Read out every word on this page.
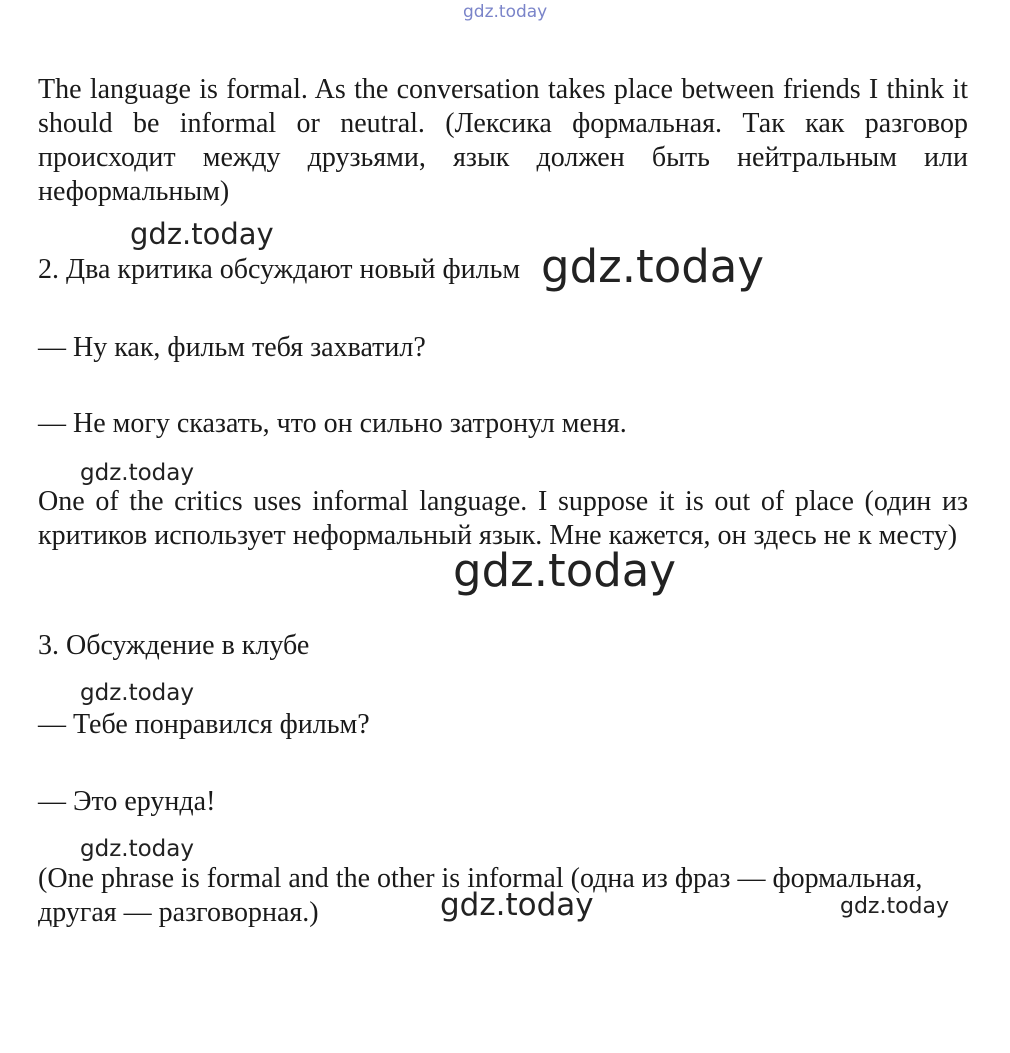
gdz.today

The language is formal. As the conversation takes place between friends I think it should be informal or neutral. (Лексика формальная. Так как разговор происходит между друзьями, язык должен быть нейтральным или неформальным)

gdz.today

2. Два критика обсуждают новый фильм gdz.today

— Ну как, фильм тебя захватил?

— Не могу сказать, что он сильно затронул меня.

gdz.today

One of the critics uses informal language. I suppose it is out of place (один из критиков использует неформальный язык. Мне кажется, он здесь не к месту)

gdz.today

3. Обсуждение в клубе

gdz.today

— Тебе понравился фильм?

— Это ерунда!

gdz.today

(One phrase is formal and the other is informal (одна из фраз — формальная, другая — разговорная.)	gdz.today	gdz.today
